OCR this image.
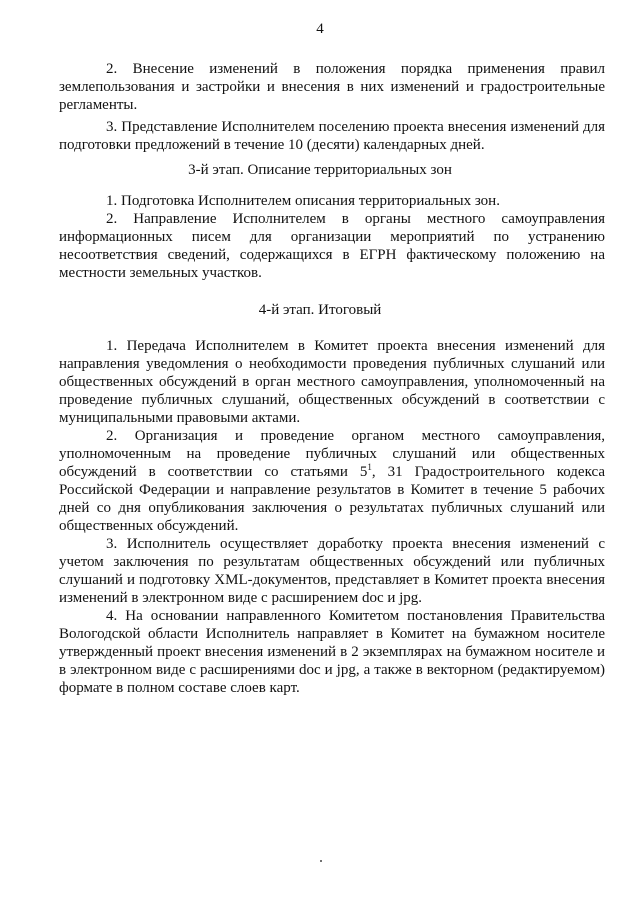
4

2. Внесение изменений в положения порядка применения правил землепользования и застройки и внесения в них изменений и градостроительные регламенты.

3. Представление Исполнителем поселению проекта внесения изменений для подготовки предложений в течение 10 (десяти) календарных дней.

3-й этап. Описание территориальных зон

1. Подготовка Исполнителем описания территориальных зон.

2. Направление Исполнителем в органы местного самоуправления информационных писем для организации мероприятий по устранению несоответствия сведений, содержащихся в ЕГРН фактическому положению на местности земельных участков.

4-й этап. Итоговый

1. Передача Исполнителем в Комитет проекта внесения изменений для направления уведомления о необходимости проведения публичных слушаний или общественных обсуждений в орган местного самоуправления, уполномоченный на проведение публичных слушаний, общественных обсуждений в соответствии с муниципальными правовыми актами.

2. Организация и проведение органом местного самоуправления, уполномоченным на проведение публичных слушаний или общественных обсуждений в соответствии со статьями $5^1$, 31 Градостроительного кодекса Российской Федерации и направление результатов в Комитет в течение 5 рабочих дней со дня опубликования заключения о результатах публичных слушаний или общественных обсуждений.

3. Исполнитель осуществляет доработку проекта внесения изменений с учетом заключения по результатам общественных обсуждений или публичных слушаний и подготовку XML-документов, представляет в Комитет проекта внесения изменений в электронном виде с расширением doc и jpg.

4. На основании направленного Комитетом постановления Правительства Вологодской области Исполнитель направляет в Комитет на бумажном носителе утвержденный проект внесения изменений в 2 экземплярах на бумажном носителе и в электронном виде с расширениями doc и jpg, а также в векторном (редактируемом) формате в полном составе слоев карт.
